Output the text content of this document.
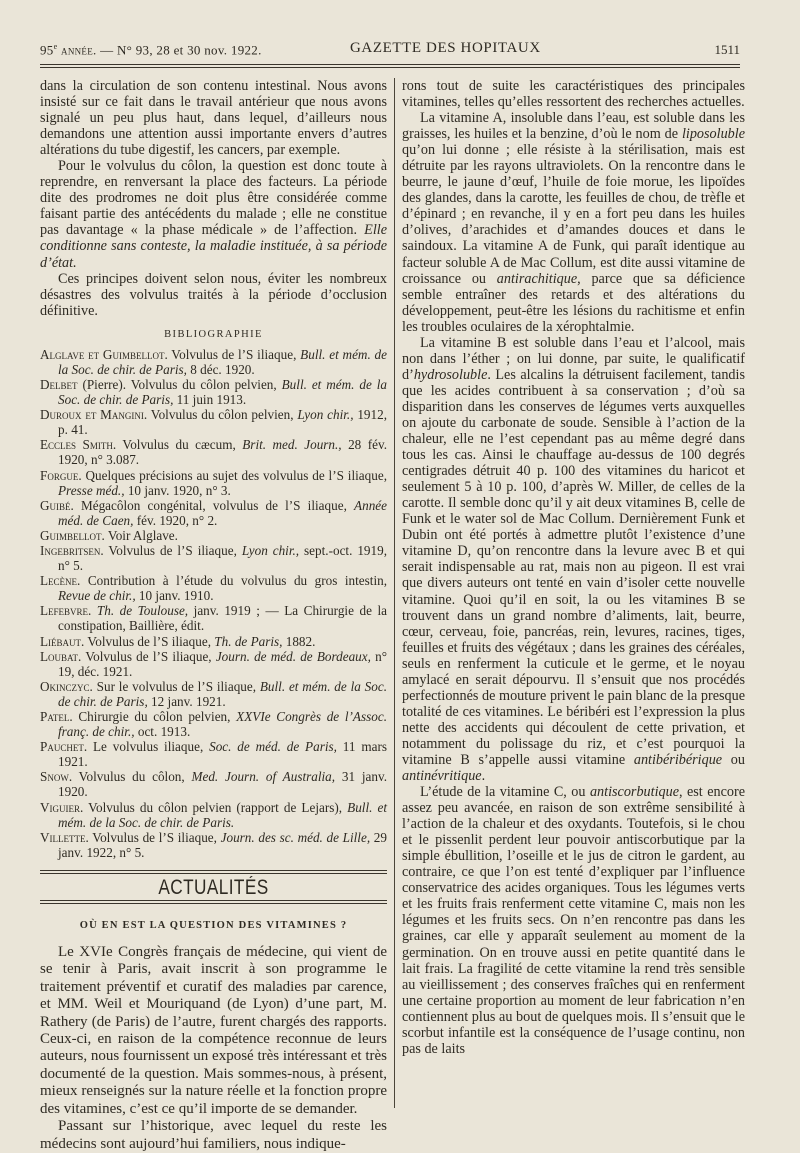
95e année. — N° 93, 28 et 30 nov. 1922.	GAZETTE DES HOPITAUX	1511

dans la circulation de son contenu intestinal. Nous avons insisté sur ce fait dans le travail antérieur que nous avons signalé un peu plus haut, dans lequel, d’ailleurs nous demandons une attention aussi importante envers d’autres altérations du tube digestif, les cancers, par exemple.

Pour le volvulus du côlon, la question est donc toute à reprendre, en renversant la place des facteurs. La période dite des prodromes ne doit plus être considérée comme faisant partie des antécédents du malade ; elle ne constitue pas davantage « la phase médicale » de l’affection. Elle conditionne sans conteste, la maladie instituée, à sa période d’état.

Ces principes doivent selon nous, éviter les nombreux désastres des volvulus traités à la période d’occlusion définitive.

BIBLIOGRAPHIE

Alglave et Guimbellot. Volvulus de l’S iliaque, Bull. et mém. de la Soc. de chir. de Paris, 8 déc. 1920.

Delbet (Pierre). Volvulus du côlon pelvien, Bull. et mém. de la Soc. de chir. de Paris, 11 juin 1913.

Duroux et Mangini. Volvulus du côlon pelvien, Lyon chir., 1912, p. 41.

Eccles Smith. Volvulus du cæcum, Brit. med. Journ., 28 fév. 1920, n° 3.087.

Forgue. Quelques précisions au sujet des volvulus de l’S iliaque, Presse méd., 10 janv. 1920, n° 3.

Guibé. Mégacôlon congénital, volvulus de l’S iliaque, Année méd. de Caen, fév. 1920, n° 2.

Guimbellot. Voir Alglave.

Ingebritsen. Volvulus de l’S iliaque, Lyon chir., sept.-oct. 1919, n° 5.

Lecène. Contribution à l’étude du volvulus du gros intestin, Revue de chir., 10 janv. 1910.

Lefebvre. Th. de Toulouse, janv. 1919 ; — La Chirurgie de la constipation, Baillière, édit.

Liébaut. Volvulus de l’S iliaque, Th. de Paris, 1882.

Loubat. Volvulus de l’S iliaque, Journ. de méd. de Bordeaux, n° 19, déc. 1921.

Okinczyc. Sur le volvulus de l’S iliaque, Bull. et mém. de la Soc. de chir. de Paris, 12 janv. 1921.

Patel. Chirurgie du côlon pelvien, XXVIe Congrès de l’Assoc. franç. de chir., oct. 1913.

Pauchet. Le volvulus iliaque, Soc. de méd. de Paris, 11 mars 1921.

Snow. Volvulus du côlon, Med. Journ. of Australia, 31 janv. 1920.

Viguier. Volvulus du côlon pelvien (rapport de Lejars), Bull. et mém. de la Soc. de chir. de Paris.

Villette. Volvulus de l’S iliaque, Journ. des sc. méd. de Lille, 29 janv. 1922, n° 5.

ACTUALITÉS
OÙ EN EST LA QUESTION DES VITAMINES ?

Le XVIe Congrès français de médecine, qui vient de se tenir à Paris, avait inscrit à son programme le traitement préventif et curatif des maladies par carence, et MM. Weil et Mouriquand (de Lyon) d’une part, M. Rathery (de Paris) de l’autre, furent chargés des rapports. Ceux-ci, en raison de la compétence reconnue de leurs auteurs, nous fournissent un exposé très intéressant et très documenté de la question. Mais sommes-nous, à présent, mieux renseignés sur la nature réelle et la fonction propre des vitamines, c’est ce qu’il importe de se demander.

Passant sur l’historique, avec lequel du reste les médecins sont aujourd’hui familiers, nous indique-

rons tout de suite les caractéristiques des principales vitamines, telles qu’elles ressortent des recherches actuelles.

La vitamine A, insoluble dans l’eau, est soluble dans les graisses, les huiles et la benzine, d’où le nom de liposoluble qu’on lui donne ; elle résiste à la stérilisation, mais est détruite par les rayons ultraviolets. On la rencontre dans le beurre, le jaune d’œuf, l’huile de foie morue, les lipoïdes des glandes, dans la carotte, les feuilles de chou, de trèfle et d’épinard ; en revanche, il y en a fort peu dans les huiles d’olives, d’arachides et d’amandes douces et dans le saindoux. La vitamine A de Funk, qui paraît identique au facteur soluble A de Mac Collum, est dite aussi vitamine de croissance ou antirachitique, parce que sa déficience semble entraîner des retards et des altérations du développement, peut-être les lésions du rachitisme et enfin les troubles oculaires de la xérophtalmie.

La vitamine B est soluble dans l’eau et l’alcool, mais non dans l’éther ; on lui donne, par suite, le qualificatif d’hydrosoluble. Les alcalins la détruisent facilement, tandis que les acides contribuent à sa conservation ; d’où sa disparition dans les conserves de légumes verts auxquelles on ajoute du carbonate de soude. Sensible à l’action de la chaleur, elle ne l’est cependant pas au même degré dans tous les cas. Ainsi le chauffage au-dessus de 100 degrés centigrades détruit 40 p. 100 des vitamines du haricot et seulement 5 à 10 p. 100, d’après W. Miller, de celles de la carotte. Il semble donc qu’il y ait deux vitamines B, celle de Funk et le water sol de Mac Collum. Dernièrement Funk et Dubin ont été portés à admettre plutôt l’existence d’une vitamine D, qu’on rencontre dans la levure avec B et qui serait indispensable au rat, mais non au pigeon. Il est vrai que divers auteurs ont tenté en vain d’isoler cette nouvelle vitamine. Quoi qu’il en soit, la ou les vitamines B se trouvent dans un grand nombre d’aliments, lait, beurre, cœur, cerveau, foie, pancréas, rein, levures, racines, tiges, feuilles et fruits des végétaux ; dans les graines des céréales, seuls en renferment la cuticule et le germe, et le noyau amylacé en serait dépourvu. Il s’ensuit que nos procédés perfectionnés de mouture privent le pain blanc de la presque totalité de ces vitamines. Le béribéri est l’expression la plus nette des accidents qui découlent de cette privation, et notamment du polissage du riz, et c’est pourquoi la vitamine B s’appelle aussi vitamine antibéribérique ou antinévritique.

L’étude de la vitamine C, ou antiscorbutique, est encore assez peu avancée, en raison de son extrême sensibilité à l’action de la chaleur et des oxydants. Toutefois, si le chou et le pissenlit perdent leur pouvoir antiscorbutique par la simple ébullition, l’oseille et le jus de citron le gardent, au contraire, ce que l’on est tenté d’expliquer par l’influence conservatrice des acides organiques. Tous les légumes verts et les fruits frais renferment cette vitamine C, mais non les légumes et les fruits secs. On n’en rencontre pas dans les graines, car elle y apparaît seulement au moment de la germination. On en trouve aussi en petite quantité dans le lait frais. La fragilité de cette vitamine la rend très sensible au vieillissement ; des conserves fraîches qui en renferment une certaine proportion au moment de leur fabrication n’en contiennent plus au bout de quelques mois. Il s’ensuit que le scorbut infantile est la conséquence de l’usage continu, non pas de laits
